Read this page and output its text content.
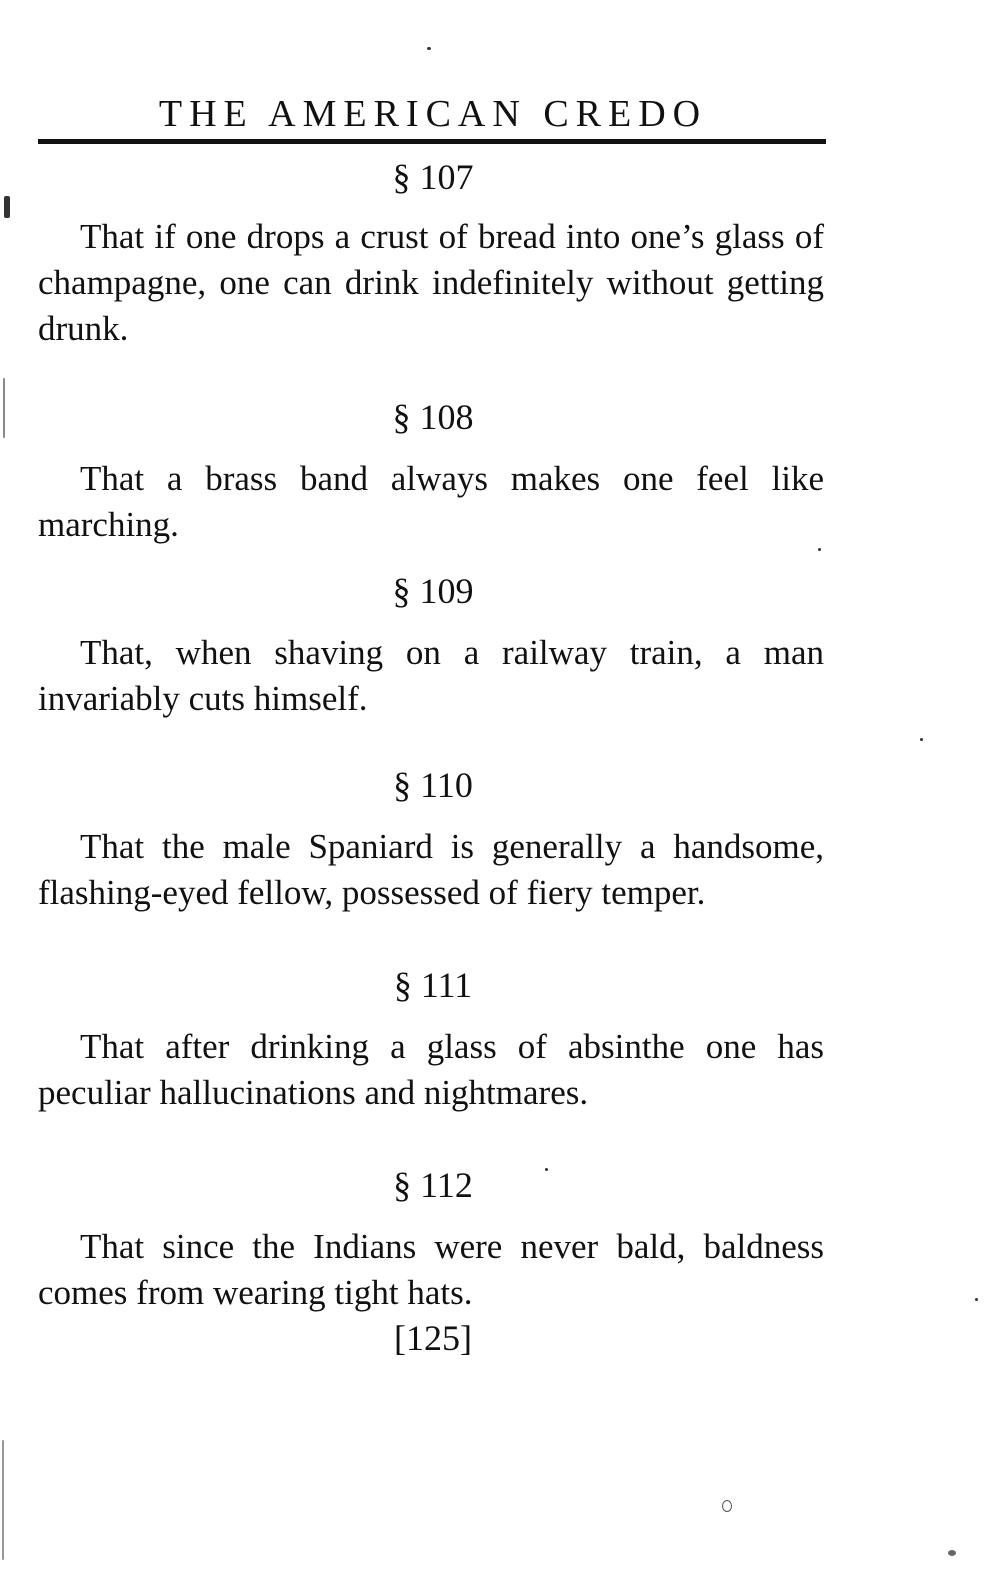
THE AMERICAN CREDO
§ 107
That if one drops a crust of bread into one’s glass of champagne, one can drink indefinitely without getting drunk.
§ 108
That a brass band always makes one feel like marching.
§ 109
That, when shaving on a railway train, a man invariably cuts himself.
§ 110
That the male Spaniard is generally a handsome, flashing-eyed fellow, possessed of fiery temper.
§ 111
That after drinking a glass of absinthe one has peculiar hallucinations and nightmares.
§ 112
That since the Indians were never bald, baldness comes from wearing tight hats.
[125]
